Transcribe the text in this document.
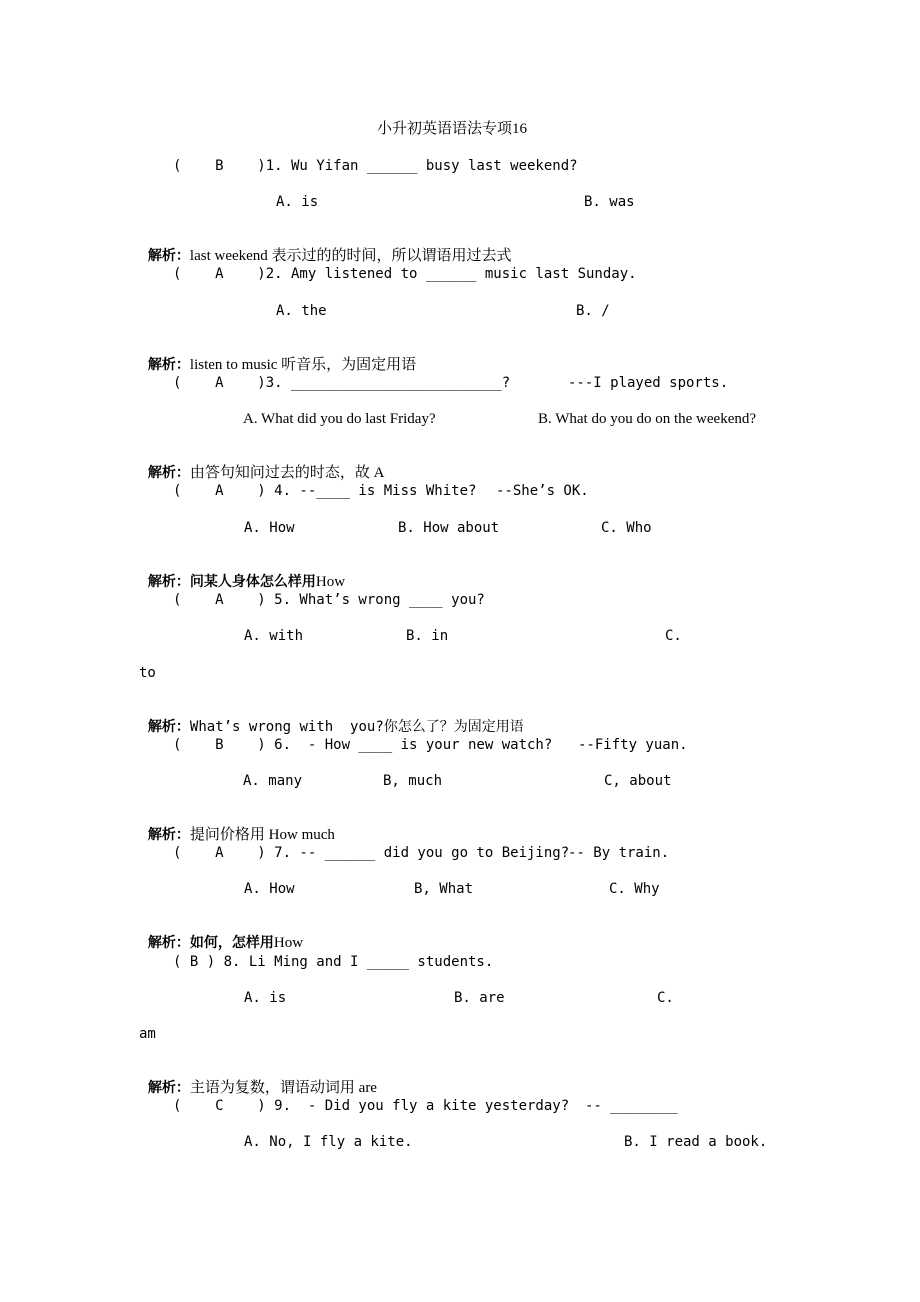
小升初英语语法专项16
(    B    )1. Wu Yifan ______ busy last weekend?
A. is	B. was

解析：last weekend 表示过的的时间，所以谓语用过去式

(    A    )2. Amy listened to ______ music last Sunday.
A. the	B. /

解析：listen to music 听音乐，为固定用语

(    A    )3. _________________________?	---I played sports.
A. What did you do last Friday?	B. What do you do on the weekend?

解析：由答句知问过去的时态，故 A

(    A    ) 4. --____ is Miss White? --She’s OK.
A. How	B. How about	C. Who

解析：问某人身体怎么样用How

(    A    ) 5. What’s wrong ____ you?
A. with	B. in	C.
to

解析：What’s wrong with  you?你怎么了？为固定用语

(    B    ) 6.  - How ____ is your new watch? --Fifty yuan.
A. many	B, much	C, about

解析：提问价格用 How much

(    A    ) 7. -- ______ did you go to Beijing?
-- By train.
A. How	B, What	C. Why

解析：如何，怎样用How

( B ) 8. Li Ming and I _____ students.
A. is	B. are	C.
am

解析：主语为复数，谓语动词用 are

(    C    ) 9.  - Did you fly a kite yesterday? -- ________
A. No, I fly a kite.	B. I read a book.
